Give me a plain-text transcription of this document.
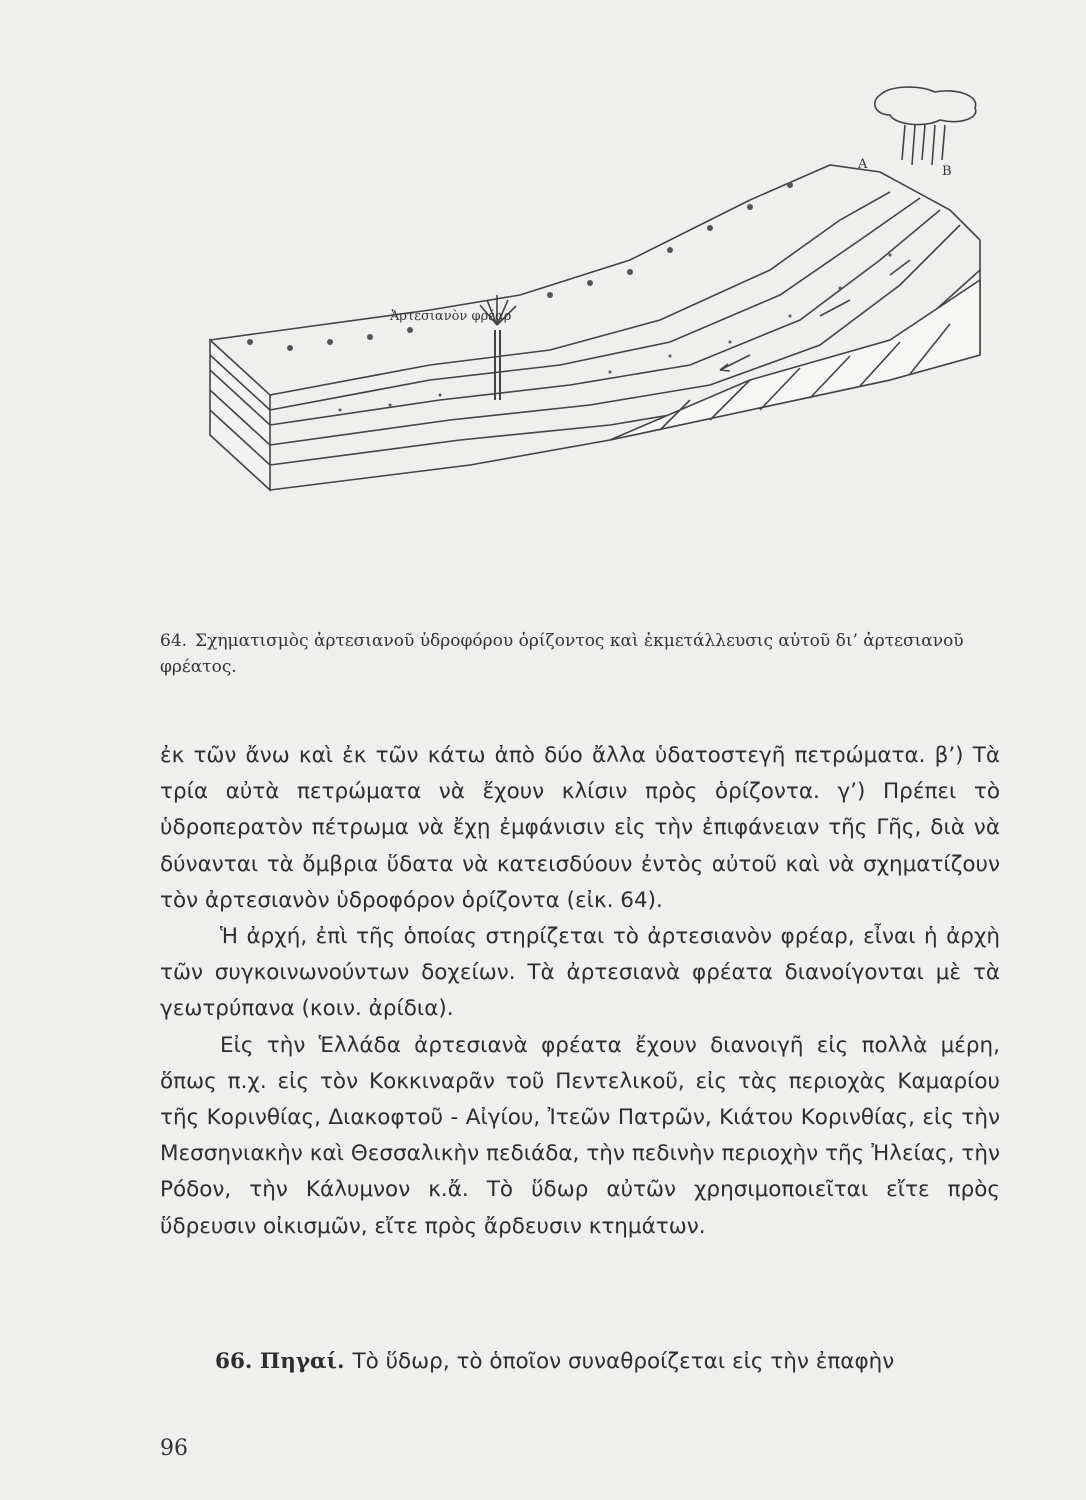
Ἀρτεσιανὸν φρέαρ
Α	Β
64. Σχηματισμὸς ἀρτεσιανοῦ ὑδροφόρου ὁρίζοντος καὶ ἐκμετάλλευσις αὐτοῦ δι’ ἀρτεσιανοῦ φρέατος.

ἐκ τῶν ἄνω καὶ ἐκ τῶν κάτω ἀπὸ δύο ἄλλα ὑδατοστεγῆ πετρώματα. β’) Τὰ τρία αὐτὰ πετρώματα νὰ ἔχουν κλίσιν πρὸς ὁρίζοντα. γ’) Πρέπει τὸ ὑδροπερατὸν πέτρωμα νὰ ἔχῃ ἐμφάνισιν εἰς τὴν ἐπιφάνειαν τῆς Γῆς, διὰ νὰ δύνανται τὰ ὄμβρια ὕδατα νὰ κατεισδύουν ἐντὸς αὐτοῦ καὶ νὰ σχηματίζουν τὸν ἀρτεσιανὸν ὑδροφόρον ὁρίζοντα (εἰκ. 64).

Ἡ ἀρχή, ἐπὶ τῆς ὁποίας στηρίζεται τὸ ἀρτεσιανὸν φρέαρ, εἶναι ἡ ἀρχὴ τῶν συγκοινωνούντων δοχείων. Τὰ ἀρτεσιανὰ φρέατα διανοίγονται μὲ τὰ γεωτρύπανα (κοιν. ἀρίδια).

Εἰς τὴν Ἑλλάδα ἀρτεσιανὰ φρέατα ἔχουν διανοιγῆ εἰς πολλὰ μέρη, ὅπως π.χ. εἰς τὸν Κοκκιναρᾶν τοῦ Πεντελικοῦ, εἰς τὰς περιοχὰς Καμαρίου τῆς Κορινθίας, Διακοφτοῦ - Αἰγίου, Ἰτεῶν Πατρῶν, Κιάτου Κορινθίας, εἰς τὴν Μεσσηνιακὴν καὶ Θεσσαλικὴν πεδιάδα, τὴν πεδινὴν περιοχὴν τῆς Ἠλείας, τὴν Ρόδον, τὴν Κάλυμνον κ.ἄ. Τὸ ὕδωρ αὐτῶν χρησιμοποιεῖται εἴτε πρὸς ὕδρευσιν οἰκισμῶν, εἴτε πρὸς ἄρδευσιν κτημάτων.

66. Πηγαί. Τὸ ὕδωρ, τὸ ὁποῖον συναθροίζεται εἰς τὴν ἐπαφὴν
96
